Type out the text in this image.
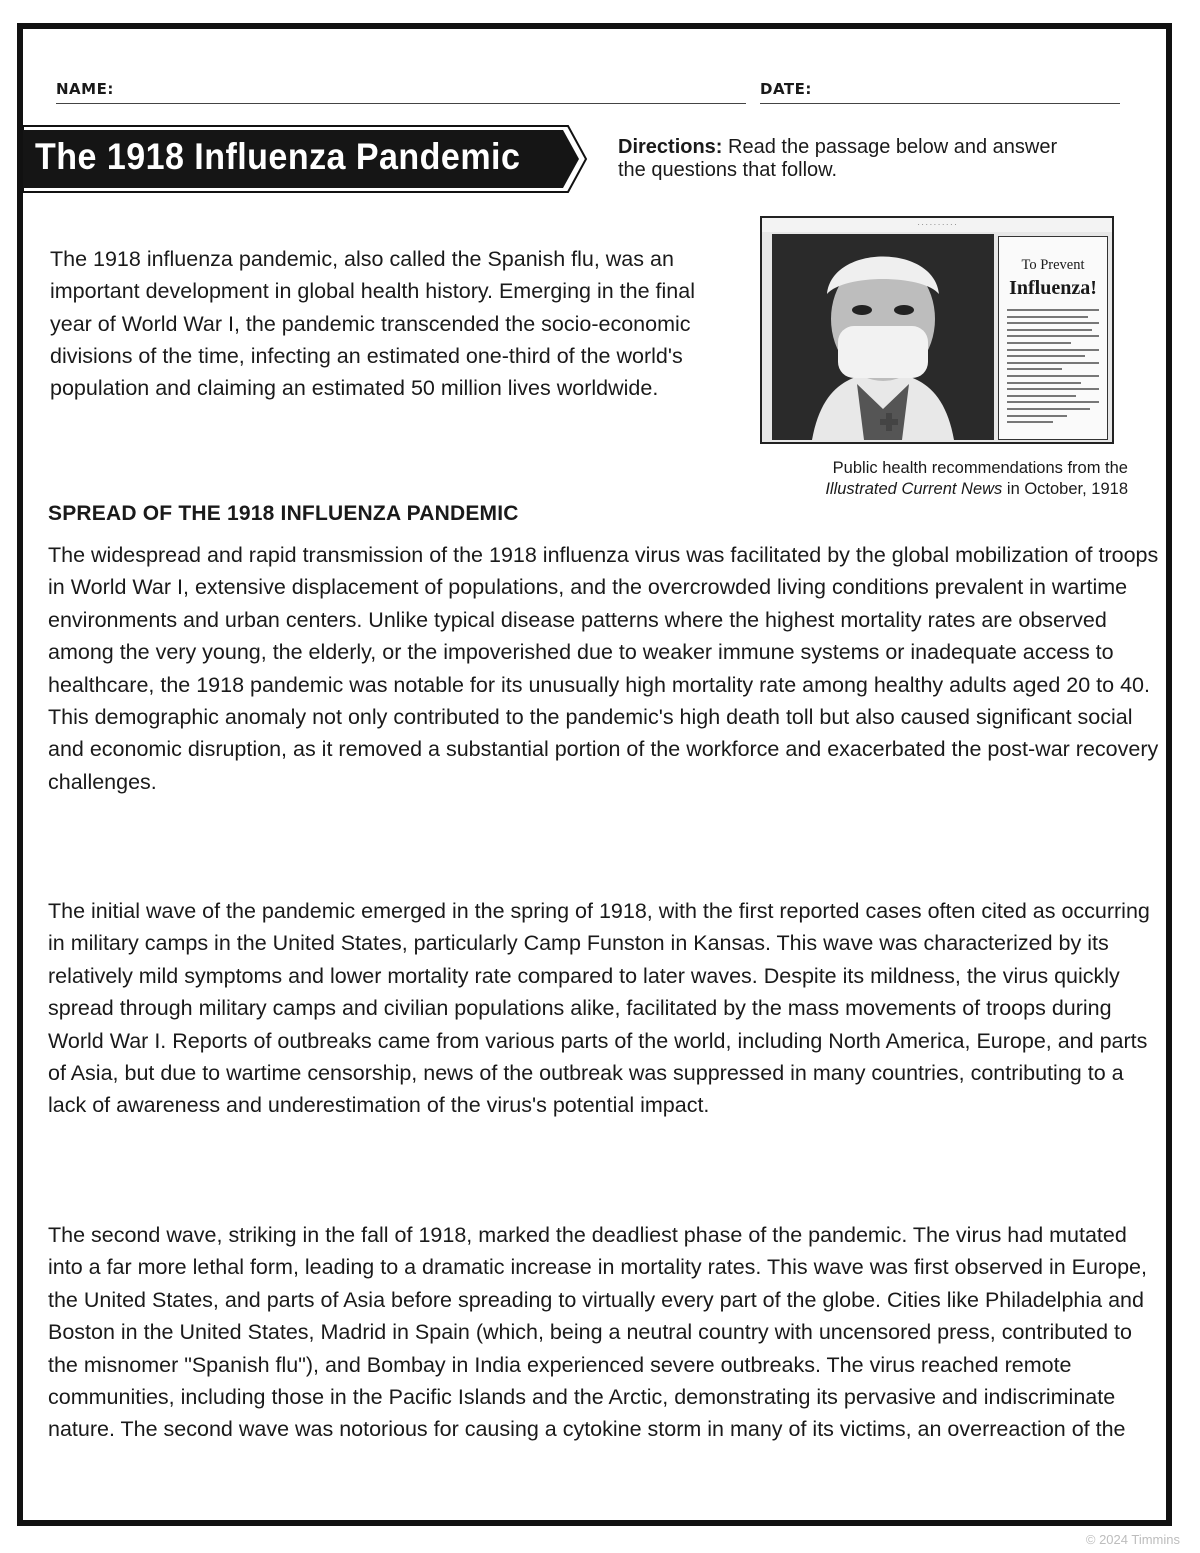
NAME:	DATE:
The 1918 Influenza Pandemic	Directions: Read the passage below and answer the questions that follow.

The 1918 influenza pandemic, also called the Spanish flu, was an important development in global health history. Emerging in the final year of World War I, the pandemic transcended the socio-economic divisions of the time, infecting an estimated one-third of the world's population and claiming an estimated 50 million lives worldwide.

· · · · · · · · · ·
To Prevent
Influenza!
Public health recommendations from the
Illustrated Current News in October, 1918
SPREAD OF THE 1918 INFLUENZA PANDEMIC

The widespread and rapid transmission of the 1918 influenza virus was facilitated by the global mobilization of troops in World War I, extensive displacement of populations, and the overcrowded living conditions prevalent in wartime environments and urban centers. Unlike typical disease patterns where the highest mortality rates are observed among the very young, the elderly, or the impoverished due to weaker immune systems or inadequate access to healthcare, the 1918 pandemic was notable for its unusually high mortality rate among healthy adults aged 20 to 40. This demographic anomaly not only contributed to the pandemic's high death toll but also caused significant social and economic disruption, as it removed a substantial portion of the workforce and exacerbated the post-war recovery challenges.

The initial wave of the pandemic emerged in the spring of 1918, with the first reported cases often cited as occurring in military camps in the United States, particularly Camp Funston in Kansas. This wave was characterized by its relatively mild symptoms and lower mortality rate compared to later waves. Despite its mildness, the virus quickly spread through military camps and civilian populations alike, facilitated by the mass movements of troops during World War I. Reports of outbreaks came from various parts of the world, including North America, Europe, and parts of Asia, but due to wartime censorship, news of the outbreak was suppressed in many countries, contributing to a lack of awareness and underestimation of the virus's potential impact.

The second wave, striking in the fall of 1918, marked the deadliest phase of the pandemic. The virus had mutated into a far more lethal form, leading to a dramatic increase in mortality rates. This wave was first observed in Europe, the United States, and parts of Asia before spreading to virtually every part of the globe. Cities like Philadelphia and Boston in the United States, Madrid in Spain (which, being a neutral country with uncensored press, contributed to the misnomer "Spanish flu"), and Bombay in India experienced severe outbreaks. The virus reached remote communities, including those in the Pacific Islands and the Arctic, demonstrating its pervasive and indiscriminate nature. The second wave was notorious for causing a cytokine storm in many of its victims, an overreaction of the

© 2024 Timmins
